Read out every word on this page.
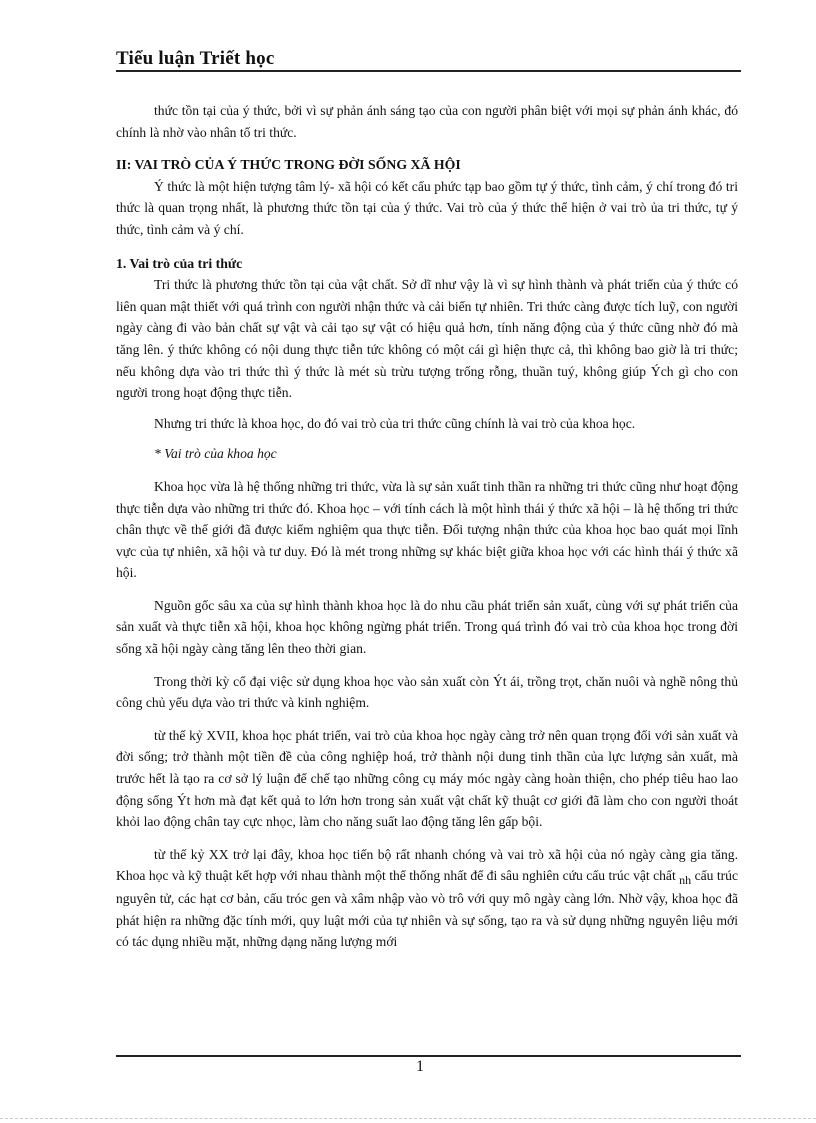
Tiểu luận Triết học

thức tồn tại của ý thức, bởi vì sự phản ánh sáng tạo của con người phân biệt với mọi sự phản ánh khác, đó chính là nhờ vào nhân tố tri thức.

II: VAI TRÒ CỦA Ý THỨC TRONG ĐỜI SỐNG XÃ HỘI

Ý thức là một hiện tượng tâm lý- xã hội có kết cấu phức tạp bao gồm tự ý thức, tình cảm, ý chí trong đó tri thức là quan trọng nhất, là phương thức tồn tại của ý thức. Vai trò của ý thức thể hiện ở vai trò ủa tri thức, tự ý thức, tình cảm và ý chí.

1. Vai trò của tri thức

Tri thức là phương thức tồn tại của vật chất. Sở dĩ như vậy là vì sự hình thành và phát triển của ý thức có liên quan mật thiết với quá trình con người nhận thức và cải biến tự nhiên. Tri thức càng được tích luỹ, con người ngày càng đi vào bản chất sự vật và cải tạo sự vật có hiệu quả hơn, tính năng động của ý thức cũng nhờ đó mà tăng lên. ý thức không có nội dung thực tiễn tức không có một cái gì hiện thực cả, thì không bao giờ là tri thức; nếu không dựa vào tri thức thì ý thức là mét sù trừu tượng trống rỗng, thuần tuý, không giúp Ých gì cho con người trong hoạt động thực tiễn.

Nhưng tri thức là khoa học, do đó vai trò của tri thức cũng chính là vai trò của khoa học.

* Vai trò của khoa học

Khoa học vừa là hệ thống những tri thức, vừa là sự sản xuất tinh thần ra những tri thức cũng như hoạt động thực tiễn dựa vào những tri thức đó. Khoa học – với tính cách là một hình thái ý thức xã hội – là hệ thống tri thức chân thực về thế giới đã được kiểm nghiệm qua thực tiễn. Đối tượng nhận thức của khoa học bao quát mọi lĩnh vực của tự nhiên, xã hội và tư duy. Đó là mét trong những sự khác biệt giữa khoa học với các hình thái ý thức xã hội.

Nguồn gốc sâu xa của sự hình thành khoa học là do nhu cầu phát triển sản xuất, cùng với sự phát triển của sản xuất và thực tiễn xã hội, khoa học không ngừng phát triển. Trong quá trình đó vai trò của khoa học trong đời sống xã hội ngày càng tăng lên theo thời gian.

Trong thời kỳ cổ đại việc sử dụng khoa học vào sản xuất còn Ýt ái, trồng trọt, chăn nuôi và nghề nông thủ công chủ yếu dựa vào tri thức và kinh nghiệm.

từ thế kỷ XVII, khoa học phát triển, vai trò của khoa học ngày càng trở nên quan trọng đối với sản xuất và đời sống; trở thành một tiền đề của công nghiệp hoá, trở thành nội dung tinh thần của lực lượng sản xuất, mà trước hết là tạo ra cơ sở lý luận để chế tạo những công cụ máy móc ngày càng hoàn thiện, cho phép tiêu hao lao động sống Ýt hơn mà đạt kết quả to lớn hơn trong sản xuất vật chất kỹ thuật cơ giới đã làm cho con người thoát khỏi lao động chân tay cực nhọc, làm cho năng suất lao động tăng lên gấp bội.

từ thế kỷ XX trở lại đây, khoa học tiến bộ rất nhanh chóng và vai trò xã hội của nó ngày càng gia tăng. Khoa học và kỹ thuật kết hợp với nhau thành một thể thống nhất để đi sâu nghiên cứu cấu trúc vật chất nh cấu trúc nguyên tử, các hạt cơ bản, cấu tróc gen và xâm nhập vào vò trô với quy mô ngày càng lớn. Nhờ vậy, khoa học đã phát hiện ra những đặc tính mới, quy luật mới của tự nhiên và sự sống, tạo ra và sử dụng những nguyên liệu mới có tác dụng nhiều mặt, những dạng năng lượng mới

1
